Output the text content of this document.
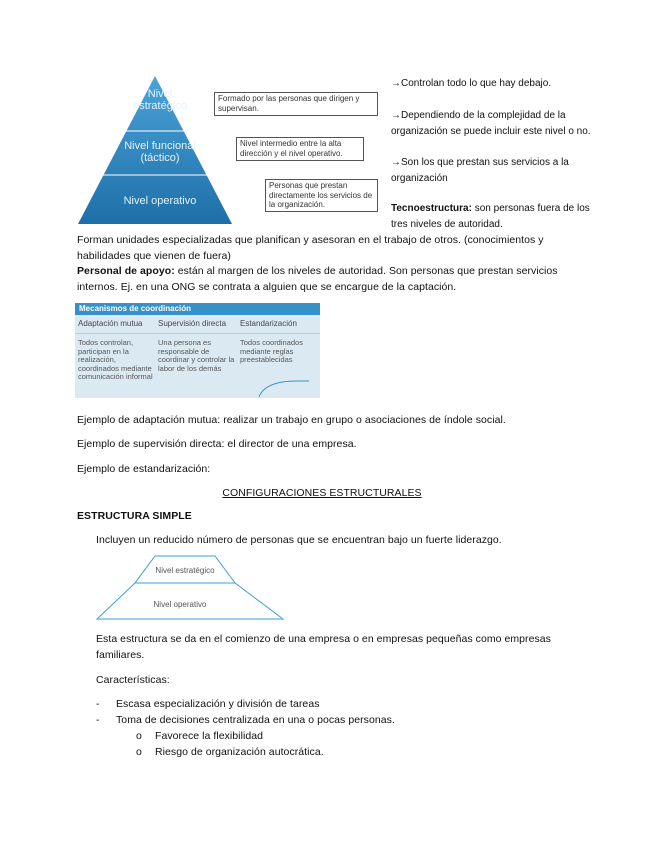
Nivel estratégico
Nivel funcional (táctico)
Nivel operativo
Formado por las personas que dirigen y supervisan.
Nivel intermedio entre la alta dirección y el nivel operativo.
Personas que prestan directamente los servicios de la organización.
→Controlan todo lo que hay debajo.
→Dependiendo de la complejidad de la organización se puede incluir este nivel o no.
→Son los que prestan sus servicios a la organización
Tecnoestructura: son personas fuera de los tres niveles de autoridad.
Forman unidades especializadas que planifican y asesoran en el trabajo de otros. (conocimientos y habilidades que vienen de fuera)
Personal de apoyo: están al margen de los niveles de autoridad. Son personas que prestan servicios internos. Ej. en una ONG se contrata a alguien que se encargue de la captación.
Mecanismos de coordinación
Adaptación mutua	Supervisión directa	Estandarización
Todos controlan, participan en la realización, coordinados mediante comunicación informal
Una persona es responsable de coordinar y controlar la labor de los demás
Todos coordinados mediante reglas preestablecidas
Ejemplo de adaptación mutua: realizar un trabajo en grupo o asociaciones de índole social.
Ejemplo de supervisión directa: el director de una empresa.
Ejemplo de estandarización:
CONFIGURACIONES ESTRUCTURALES
ESTRUCTURA SIMPLE
Incluyen un reducido número de personas que se encuentran bajo un fuerte liderazgo.
Nivel estratégico
Nivel operativo
Esta estructura se da en el comienzo de una empresa o en empresas pequeñas como empresas familiares.
Características:
- Escasa especialización y división de tareas
- Toma de decisiones centralizada en una o pocas personas.
o Favorece la flexibilidad
o Riesgo de organización autocrática.
